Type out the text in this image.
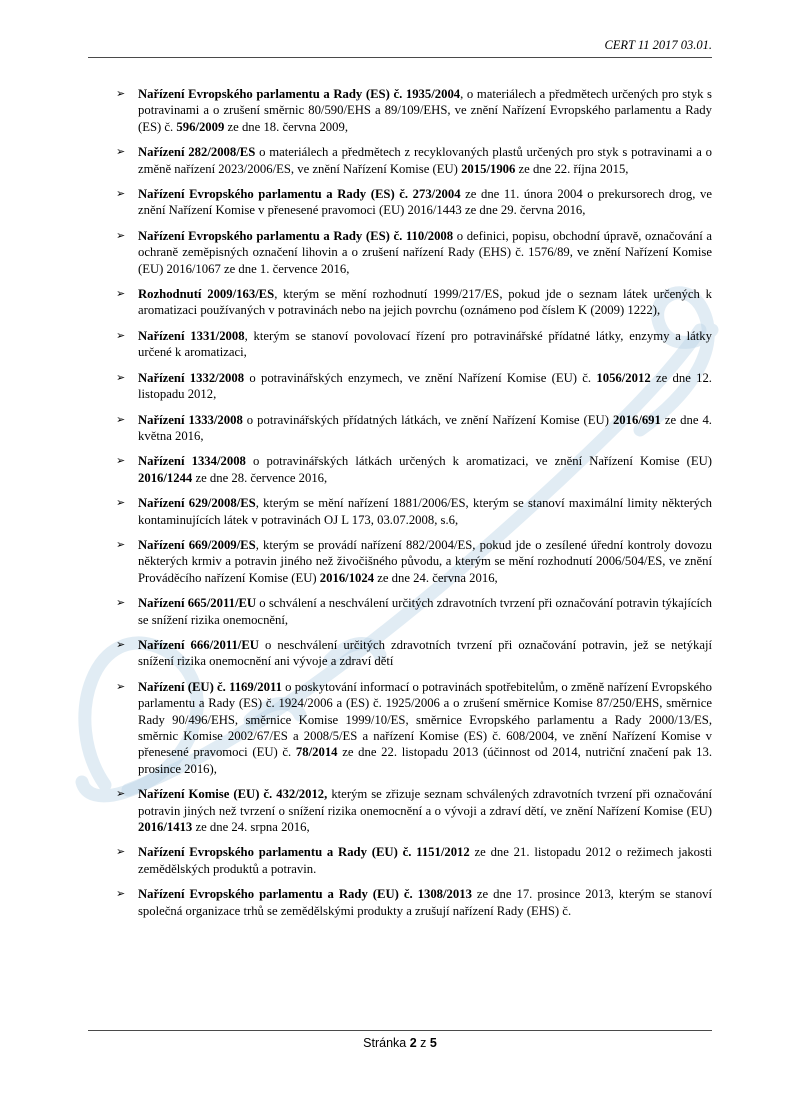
CERT 11 2017 03.01.
➢ Nařízení Evropského parlamentu a Rady (ES) č. 1935/2004, o materiálech a předmětech určených pro styk s potravinami a o zrušení směrnic 80/590/EHS a 89/109/EHS, ve znění Nařízení Evropského parlamentu a Rady (ES) č. 596/2009 ze dne 18. června 2009,
➢ Nařízení 282/2008/ES o materiálech a předmětech z recyklovaných plastů určených pro styk s potravinami a o změně nařízení 2023/2006/ES, ve znění Nařízení Komise (EU) 2015/1906 ze dne 22. října 2015,
➢ Nařízení Evropského parlamentu a Rady (ES) č. 273/2004 ze dne 11. února 2004 o prekursorech drog, ve znění Nařízení Komise v přenesené pravomoci (EU) 2016/1443 ze dne 29. června 2016,
➢ Nařízení Evropského parlamentu a Rady (ES) č. 110/2008 o definici, popisu, obchodní úpravě, označování a ochraně zeměpisných označení lihovin a o zrušení nařízení Rady (EHS) č. 1576/89, ve znění Nařízení Komise (EU) 2016/1067 ze dne 1. července 2016,
➢ Rozhodnutí 2009/163/ES, kterým se mění rozhodnutí 1999/217/ES, pokud jde o seznam látek určených k aromatizaci používaných v potravinách nebo na jejich povrchu (oznámeno pod číslem K (2009) 1222),
➢ Nařízení 1331/2008, kterým se stanoví povolovací řízení pro potravinářské přídatné látky, enzymy a látky určené k aromatizaci,
➢ Nařízení 1332/2008 o potravinářských enzymech, ve znění Nařízení Komise (EU) č. 1056/2012 ze dne 12. listopadu 2012,
➢ Nařízení 1333/2008 o potravinářských přídatných látkách, ve znění Nařízení Komise (EU) 2016/691 ze dne 4. května 2016,
➢ Nařízení 1334/2008 o potravinářských látkách určených k aromatizaci, ve znění Nařízení Komise (EU) 2016/1244 ze dne 28. července 2016,
➢ Nařízení 629/2008/ES, kterým se mění nařízení 1881/2006/ES, kterým se stanoví maximální limity některých kontaminujících látek v potravinách OJ L 173, 03.07.2008, s.6,
➢ Nařízení 669/2009/ES, kterým se provádí nařízení 882/2004/ES, pokud jde o zesílené úřední kontroly dovozu některých krmiv a potravin jiného než živočišného původu, a kterým se mění rozhodnutí 2006/504/ES, ve znění Prováděcího nařízení Komise (EU) 2016/1024 ze dne 24. června 2016,
➢ Nařízení 665/2011/EU o schválení a neschválení určitých zdravotních tvrzení při označování potravin týkajících se snížení rizika onemocnění,
➢ Nařízení 666/2011/EU o neschválení určitých zdravotních tvrzení při označování potravin, jež se netýkají snížení rizika onemocnění ani vývoje a zdraví dětí
➢ Nařízení (EU) č. 1169/2011 o poskytování informací o potravinách spotřebitelům, o změně nařízení Evropského parlamentu a Rady (ES) č. 1924/2006 a (ES) č. 1925/2006 a o zrušení směrnice Komise 87/250/EHS, směrnice Rady 90/496/EHS, směrnice Komise 1999/10/ES, směrnice Evropského parlamentu a Rady 2000/13/ES, směrnic Komise 2002/67/ES a 2008/5/ES a nařízení Komise (ES) č. 608/2004, ve znění Nařízení Komise v přenesené pravomoci (EU) č. 78/2014 ze dne 22. listopadu 2013 (účinnost od 2014, nutriční značení pak 13. prosince 2016),
➢ Nařízení Komise (EU) č. 432/2012, kterým se zřizuje seznam schválených zdravotních tvrzení při označování potravin jiných než tvrzení o snížení rizika onemocnění a o vývoji a zdraví dětí, ve znění Nařízení Komise (EU) 2016/1413 ze dne 24. srpna 2016,
➢ Nařízení Evropského parlamentu a Rady (EU) č. 1151/2012 ze dne 21. listopadu 2012 o režimech jakosti zemědělských produktů a potravin.
➢ Nařízení Evropského parlamentu a Rady (EU) č. 1308/2013 ze dne 17. prosince 2013, kterým se stanoví společná organizace trhů se zemědělskými produkty a zrušují nařízení Rady (EHS) č.
Stránka 2 z 5
